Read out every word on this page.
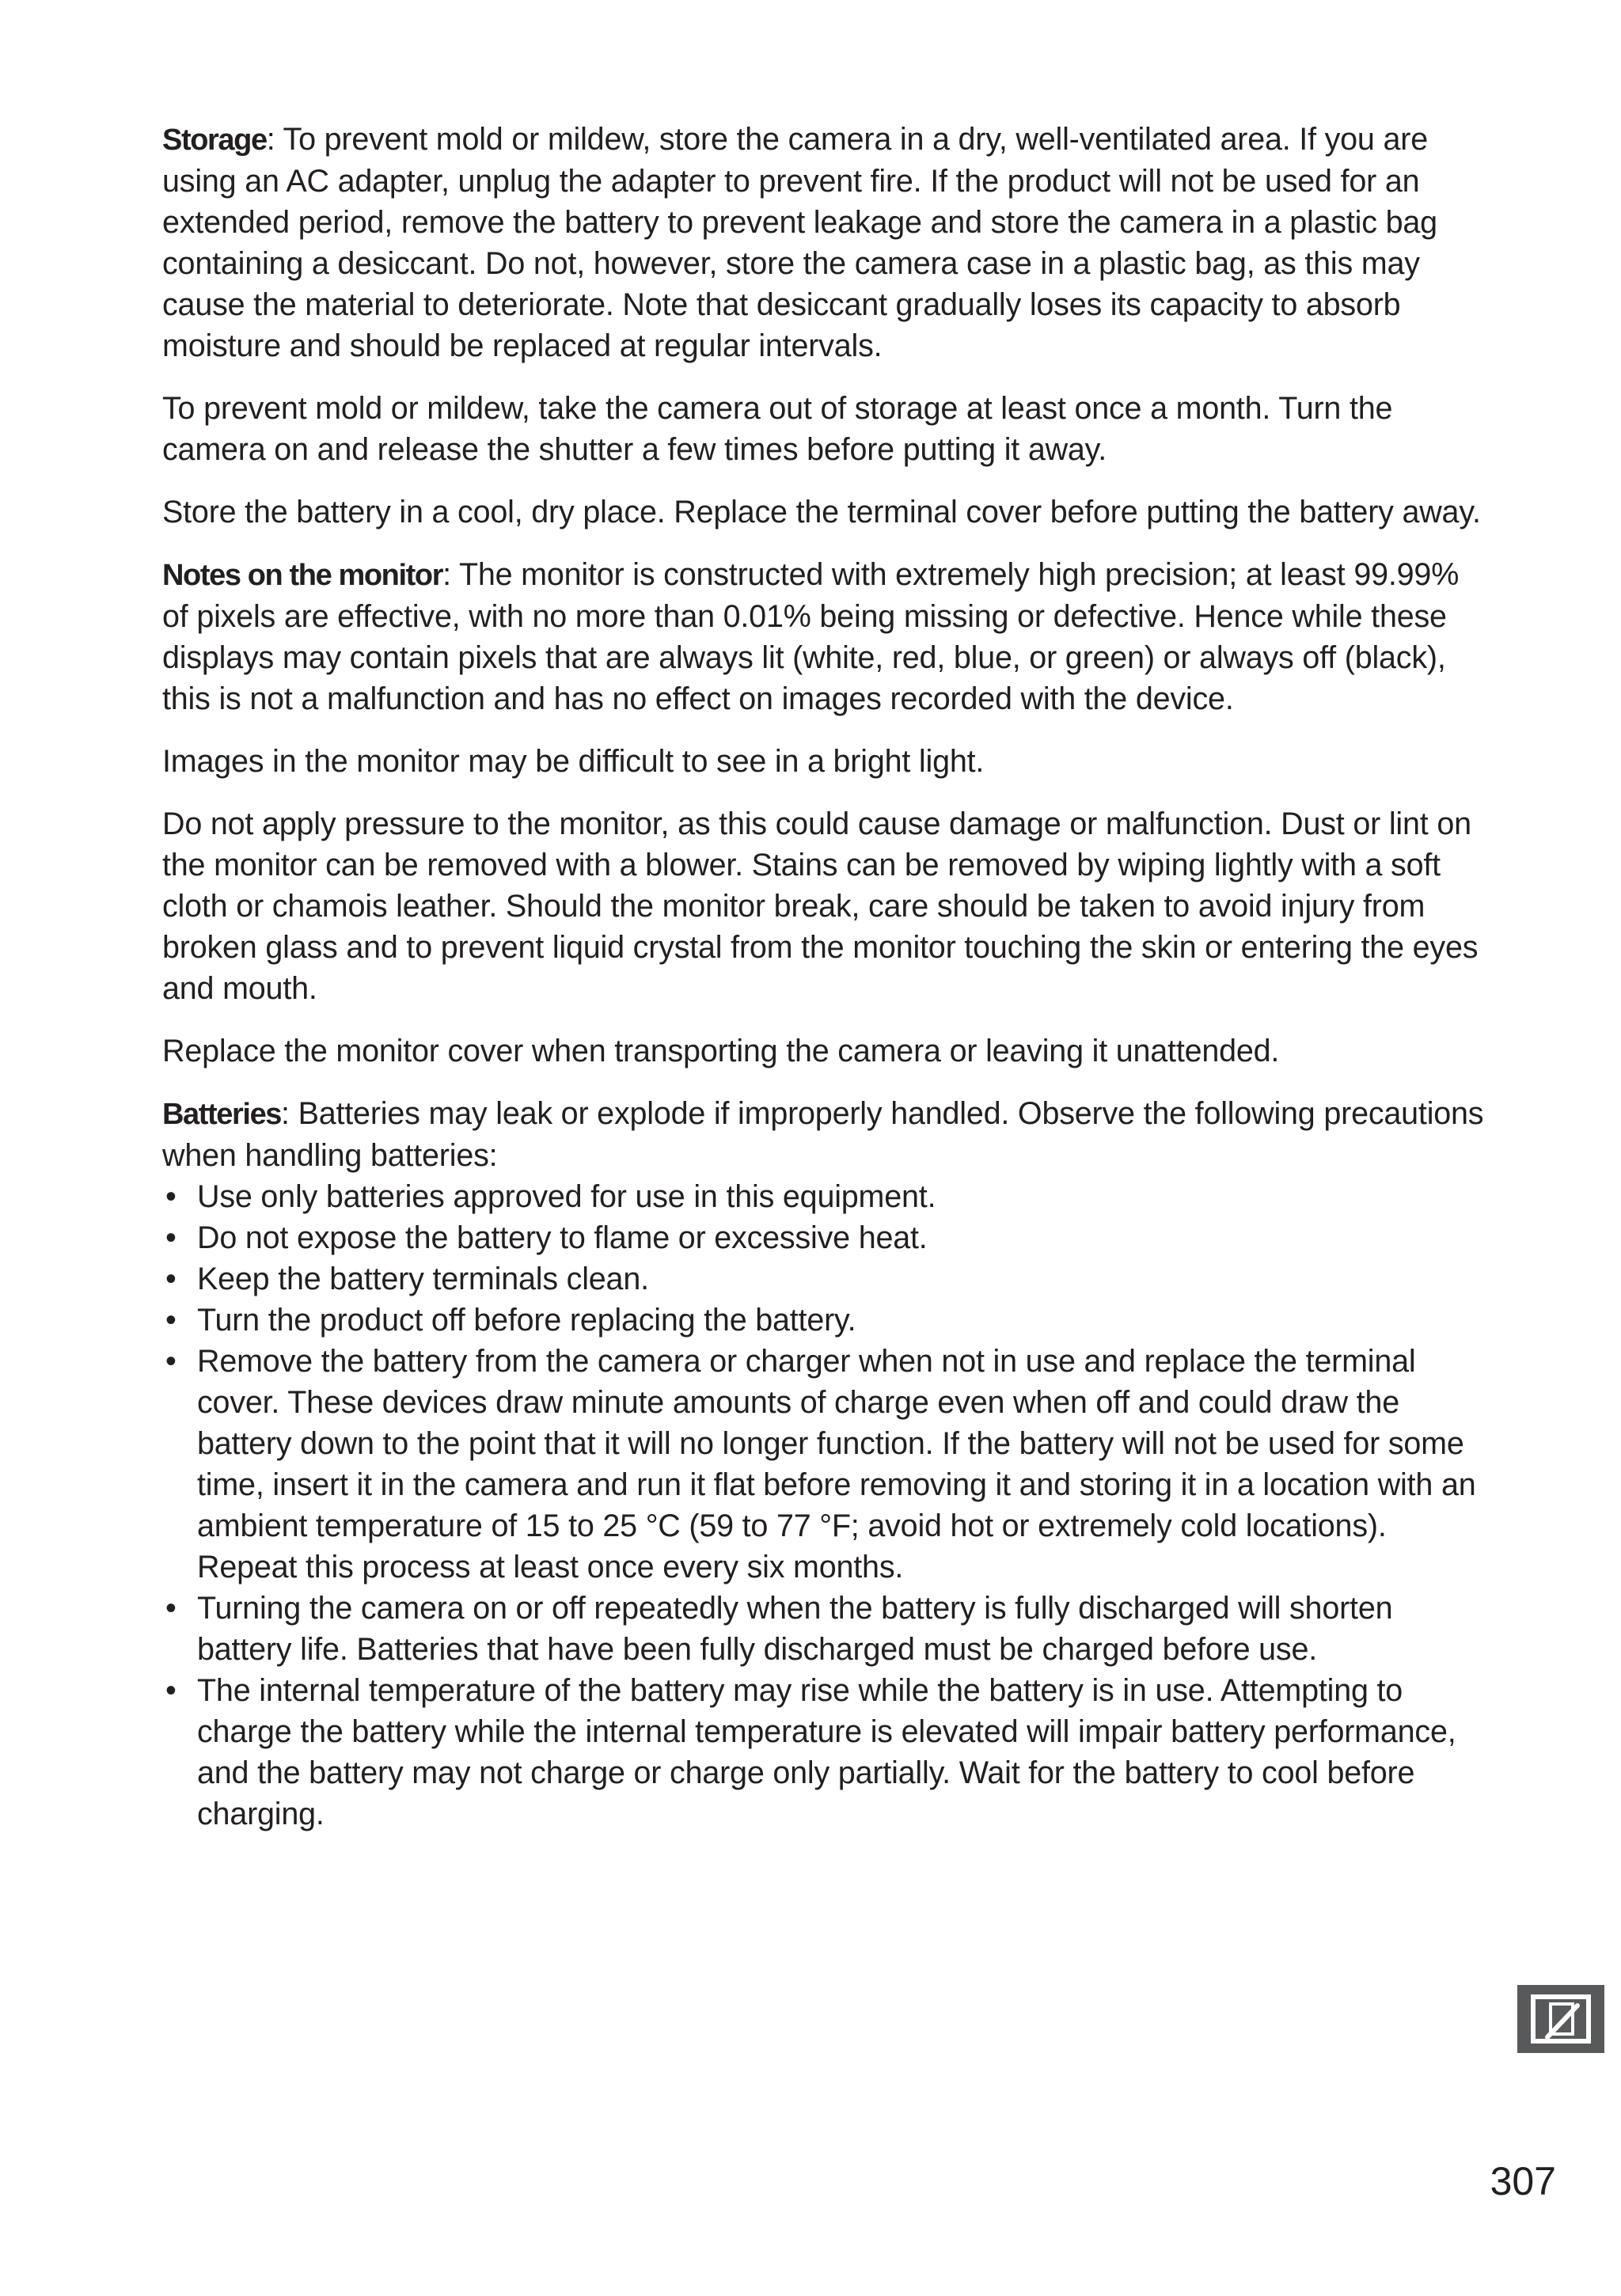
Storage: To prevent mold or mildew, store the camera in a dry, well-ventilated area. If you are using an AC adapter, unplug the adapter to prevent fire. If the product will not be used for an extended period, remove the battery to prevent leakage and store the camera in a plastic bag containing a desiccant. Do not, however, store the camera case in a plastic bag, as this may cause the material to deteriorate. Note that desiccant gradually loses its capacity to absorb moisture and should be replaced at regular intervals.

To prevent mold or mildew, take the camera out of storage at least once a month. Turn the camera on and release the shutter a few times before putting it away.

Store the battery in a cool, dry place. Replace the terminal cover before putting the battery away.

Notes on the monitor: The monitor is constructed with extremely high precision; at least 99.99% of pixels are effective, with no more than 0.01% being missing or defective. Hence while these displays may contain pixels that are always lit (white, red, blue, or green) or always off (black), this is not a malfunction and has no effect on images recorded with the device.

Images in the monitor may be difficult to see in a bright light.

Do not apply pressure to the monitor, as this could cause damage or malfunction. Dust or lint on the monitor can be removed with a blower. Stains can be removed by wiping lightly with a soft cloth or chamois leather. Should the monitor break, care should be taken to avoid injury from broken glass and to prevent liquid crystal from the monitor touching the skin or entering the eyes and mouth.

Replace the monitor cover when transporting the camera or leaving it unattended.

Batteries: Batteries may leak or explode if improperly handled. Observe the following precautions when handling batteries:

• Use only batteries approved for use in this equipment.
• Do not expose the battery to flame or excessive heat.
• Keep the battery terminals clean.
• Turn the product off before replacing the battery.
• Remove the battery from the camera or charger when not in use and replace the terminal cover. These devices draw minute amounts of charge even when off and could draw the battery down to the point that it will no longer function. If the battery will not be used for some time, insert it in the camera and run it flat before removing it and storing it in a location with an ambient temperature of 15 to 25 °C (59 to 77 °F; avoid hot or extremely cold locations). Repeat this process at least once every six months.
• Turning the camera on or off repeatedly when the battery is fully discharged will shorten battery life. Batteries that have been fully discharged must be charged before use.
• The internal temperature of the battery may rise while the battery is in use. Attempting to charge the battery while the internal temperature is elevated will impair battery performance, and the battery may not charge or charge only partially. Wait for the battery to cool before charging.
307
